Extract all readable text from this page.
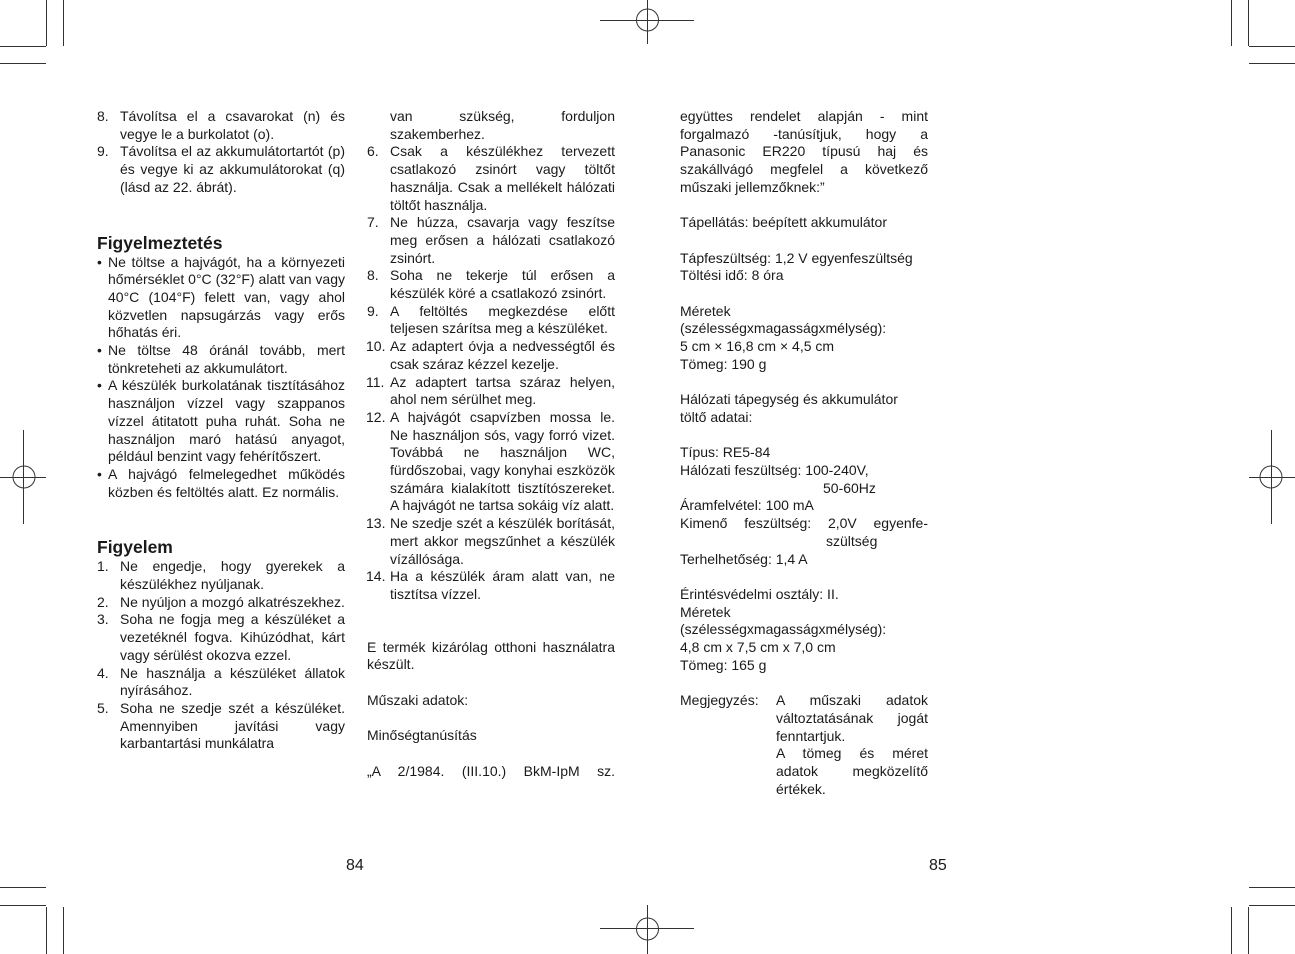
8. Távolítsa el a csavarokat (n) és vegye le a burkolatot (o).
9. Távolítsa el az akkumulátortartót (p) és vegye ki az akkumulátorokat (q) (lásd az 22. ábrát).
Figyelmeztetés
• Ne töltse a hajvágót, ha a környezeti hőmérséklet 0°C (32°F) alatt van vagy 40°C (104°F) felett van, vagy ahol közvetlen napsugárzás vagy erős hőhatás éri.
• Ne töltse 48 óránál tovább, mert tönkreteheti az akkumulátort.
• A készülék burkolatának tisztításához használjon vízzel vagy szappanos vízzel átitatott puha ruhát. Soha ne használjon maró hatású anyagot, például benzint vagy fehérítőszert.
• A hajvágó felmelegedhet működés közben és feltöltés alatt. Ez normális.
Figyelem
1. Ne engedje, hogy gyerekek a készülékhez nyúljanak.
2. Ne nyúljon a mozgó alkatrészekhez.
3. Soha ne fogja meg a készüléket a vezetéknél fogva. Kihúzódhat, kárt vagy sérülést okozva ezzel.
4. Ne használja a készüléket állatok nyírásához.
5. Soha ne szedje szét a készüléket. Amennyiben javítási vagy karbantartási munkálatra
van szükség, forduljon szakemberhez.
6. Csak a készülékhez tervezett csatlakozó zsinórt vagy töltőt használja. Csak a mellékelt hálózati töltőt használja.
7. Ne húzza, csavarja vagy feszítse meg erősen a hálózati csatlakozó zsinórt.
8. Soha ne tekerje túl erősen a készülék köré a csatlakozó zsinórt.
9. A feltöltés megkezdése előtt teljesen szárítsa meg a készüléket.
10. Az adaptert óvja a nedvességtől és csak száraz kézzel kezelje.
11. Az adaptert tartsa száraz helyen, ahol nem sérülhet meg.
12. A hajvágót csapvízben mossa le. Ne használjon sós, vagy forró vizet. Továbbá ne használjon WC, fürdőszobai, vagy konyhai eszközök számára kialakított tisztítószereket. A hajvágót ne tartsa sokáig víz alatt.
13. Ne szedje szét a készülék borítását, mert akkor megszűnhet a készülék vízállósága.
14. Ha a készülék áram alatt van, ne tisztítsa vízzel.

E termék kizárólag otthoni használatra készült.

Műszaki adatok:

Minőségtanúsítás

„A 2/1984. (III.10.) BkM-IpM sz.

együttes rendelet alapján - mint forgalmazó -tanúsítjuk, hogy a Panasonic ER220 típusú haj és szakállvágó megfelel a következő műszaki jellemzőknek:”

Tápellátás: beépített akkumulátor

Tápfeszültség: 1,2 V egyenfeszültség

Töltési idő: 8 óra

Méretek

(szélességxmagasságxmélység):

5 cm × 16,8 cm × 4,5 cm

Tömeg: 190 g

Hálózati tápegység és akkumulátor töltő adatai:

Típus: RE5-84

Hálózati feszültség: 100-240V,

50-60Hz

Áramfelvétel: 100 mA

Kimenő feszültség: 2,0V egyenfe-

szültség

Terhelhetőség: 1,4 A

Érintésvédelmi osztály: II.

Méretek

(szélességxmagasságxmélység):

4,8 cm x 7,5 cm x 7,0 cm

Tömeg: 165 g

Megjegyzés:	A műszaki adatok változtatásának jogát fenntartjuk.

A tömeg és méret adatok megközelítő értékek.

84	85
